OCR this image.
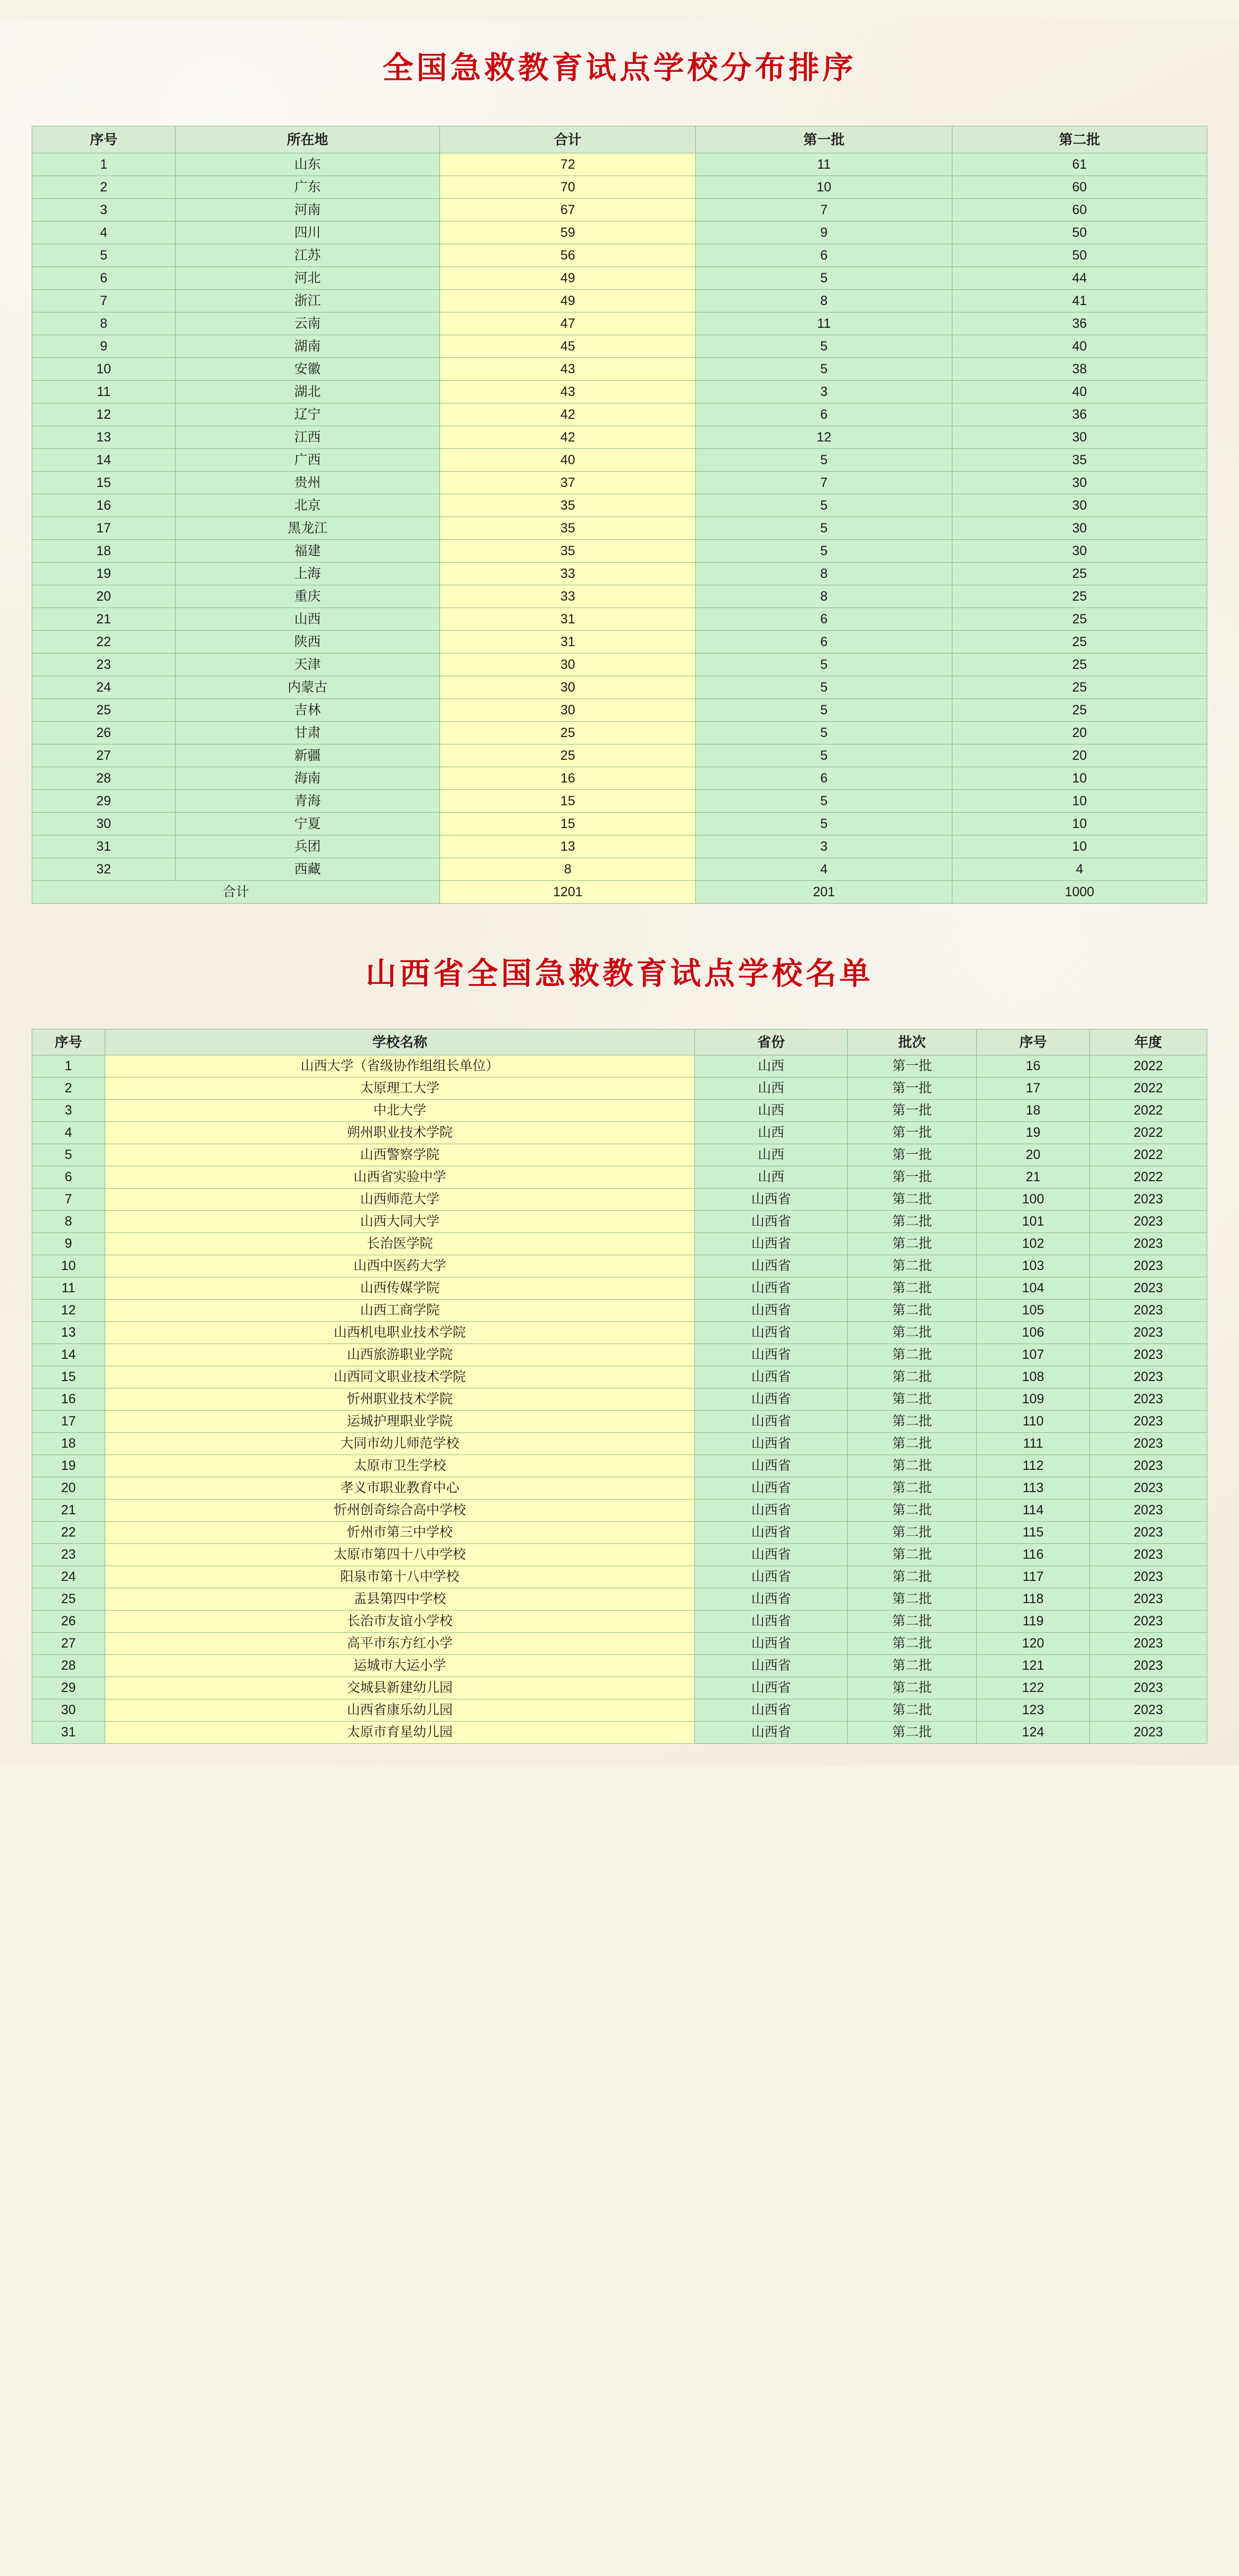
全国急救教育试点学校分布排序
序号	所在地	合计	第一批	第二批
1	山东	72	11	61
2	广东	70	10	60
3	河南	67	7	60
4	四川	59	9	50
5	江苏	56	6	50
6	河北	49	5	44
7	浙江	49	8	41
8	云南	47	11	36
9	湖南	45	5	40
10	安徽	43	5	38
11	湖北	43	3	40
12	辽宁	42	6	36
13	江西	42	12	30
14	广西	40	5	35
15	贵州	37	7	30
16	北京	35	5	30
17	黑龙江	35	5	30
18	福建	35	5	30
19	上海	33	8	25
20	重庆	33	8	25
21	山西	31	6	25
22	陕西	31	6	25
23	天津	30	5	25
24	内蒙古	30	5	25
25	吉林	30	5	25
26	甘肃	25	5	20
27	新疆	25	5	20
28	海南	16	6	10
29	青海	15	5	10
30	宁夏	15	5	10
31	兵团	13	3	10
32	西藏	8	4	4
合计		1201	201	1000
山西省全国急救教育试点学校名单
序号	学校名称	省份	批次	序号	年度
1	山西大学（省级协作组组长单位）	山西	第一批	16	2022
2	太原理工大学	山西	第一批	17	2022
3	中北大学	山西	第一批	18	2022
4	朔州职业技术学院	山西	第一批	19	2022
5	山西警察学院	山西	第一批	20	2022
6	山西省实验中学	山西	第一批	21	2022
7	山西师范大学	山西省	第二批	100	2023
8	山西大同大学	山西省	第二批	101	2023
9	长治医学院	山西省	第二批	102	2023
10	山西中医药大学	山西省	第二批	103	2023
11	山西传媒学院	山西省	第二批	104	2023
12	山西工商学院	山西省	第二批	105	2023
13	山西机电职业技术学院	山西省	第二批	106	2023
14	山西旅游职业学院	山西省	第二批	107	2023
15	山西同文职业技术学院	山西省	第二批	108	2023
16	忻州职业技术学院	山西省	第二批	109	2023
17	运城护理职业学院	山西省	第二批	110	2023
18	大同市幼儿师范学校	山西省	第二批	111	2023
19	太原市卫生学校	山西省	第二批	112	2023
20	孝义市职业教育中心	山西省	第二批	113	2023
21	忻州创奇综合高中学校	山西省	第二批	114	2023
22	忻州市第三中学校	山西省	第二批	115	2023
23	太原市第四十八中学校	山西省	第二批	116	2023
24	阳泉市第十八中学校	山西省	第二批	117	2023
25	盂县第四中学校	山西省	第二批	118	2023
26	长治市友谊小学校	山西省	第二批	119	2023
27	高平市东方红小学	山西省	第二批	120	2023
28	运城市大运小学	山西省	第二批	121	2023
29	交城县新建幼儿园	山西省	第二批	122	2023
30	山西省康乐幼儿园	山西省	第二批	123	2023
31	太原市育星幼儿园	山西省	第二批	124	2023
